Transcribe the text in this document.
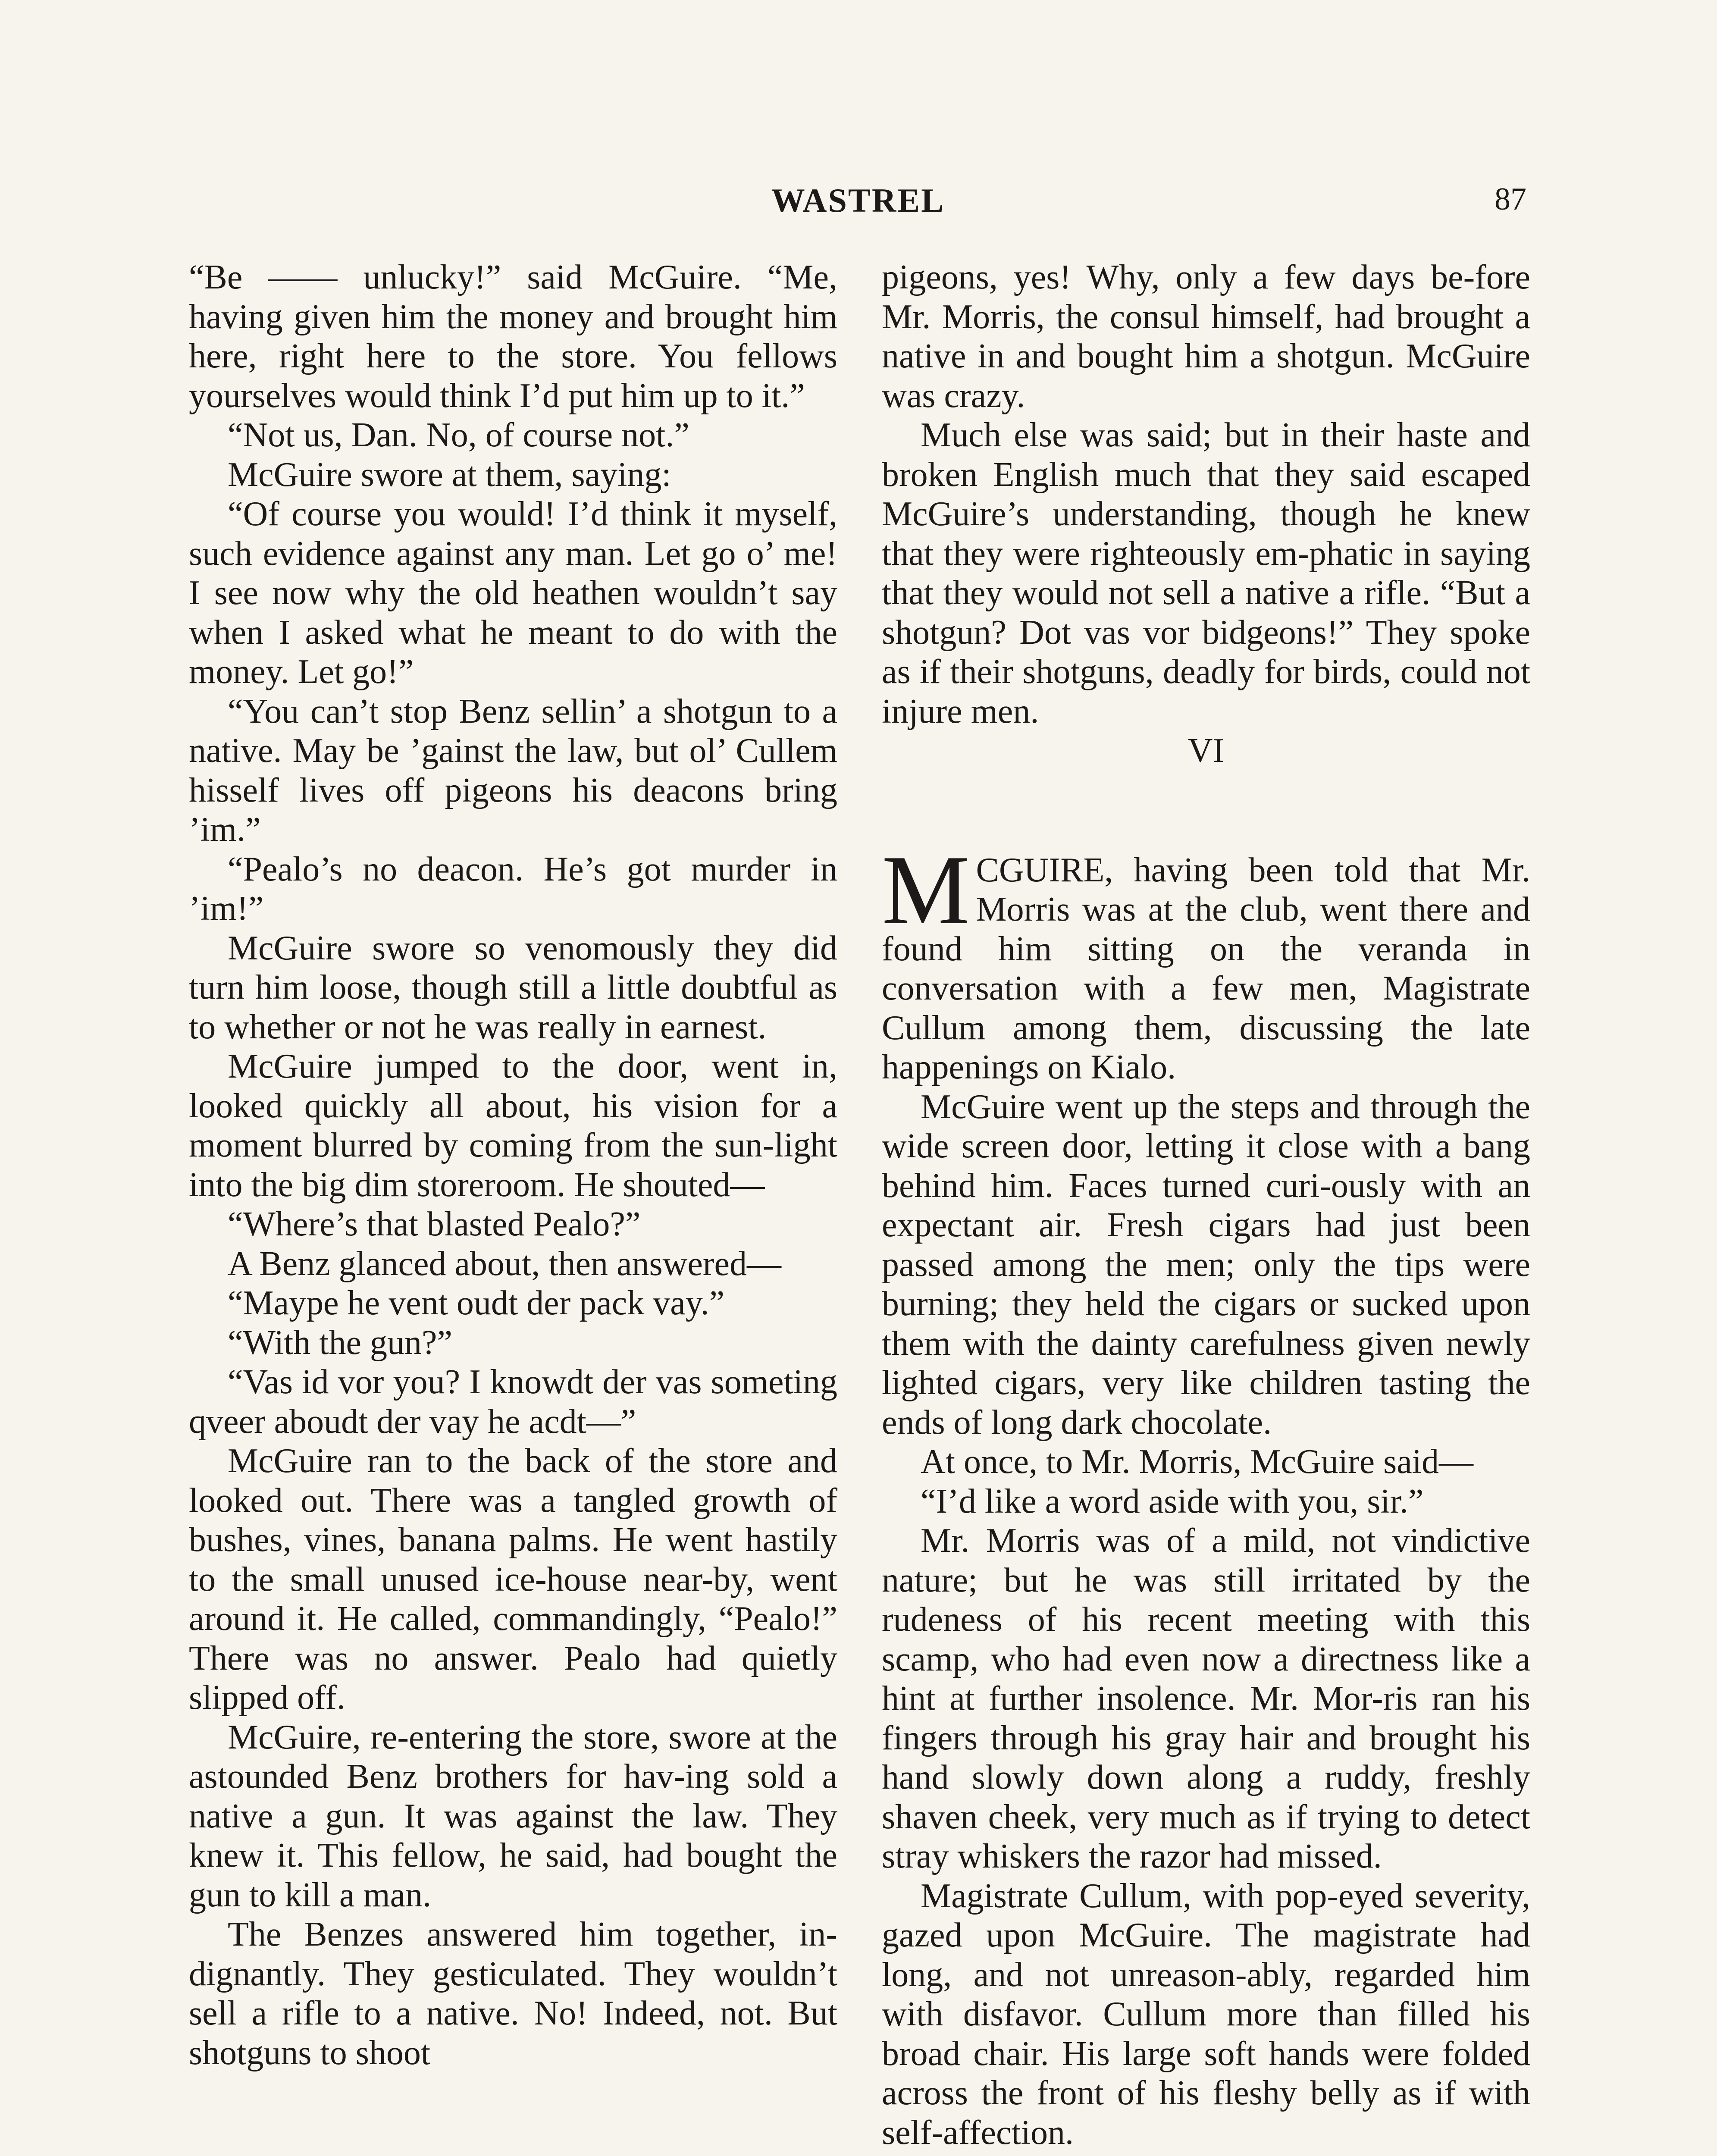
WASTREL	87

“Be —— unlucky!” said McGuire. “Me, having given him the money and brought him here, right here to the store. You fellows yourselves would think I’d put him up to it.”

“Not us, Dan. No, of course not.”

McGuire swore at them, saying:

“Of course you would! I’d think it myself, such evidence against any man. Let go o’ me! I see now why the old heathen wouldn’t say when I asked what he meant to do with the money. Let go!”

“You can’t stop Benz sellin’ a shotgun to a native. May be ’gainst the law, but ol’ Cullem hisself lives off pigeons his deacons bring ’im.”

“Pealo’s no deacon. He’s got murder in ’im!”

McGuire swore so venomously they did turn him loose, though still a little doubtful as to whether or not he was really in earnest.

McGuire jumped to the door, went in, looked quickly all about, his vision for a moment blurred by coming from the sun-light into the big dim storeroom. He shouted—

“Where’s that blasted Pealo?”

A Benz glanced about, then answered—

“Maype he vent oudt der pack vay.”

“With the gun?”

“Vas id vor you? I knowdt der vas someting qveer aboudt der vay he acdt—”

McGuire ran to the back of the store and looked out. There was a tangled growth of bushes, vines, banana palms. He went hastily to the small unused ice-house near-by, went around it. He called, commandingly, “Pealo!” There was no answer. Pealo had quietly slipped off.

McGuire, re-entering the store, swore at the astounded Benz brothers for hav-ing sold a native a gun. It was against the law. They knew it. This fellow, he said, had bought the gun to kill a man.

The Benzes answered him together, in-dignantly. They gesticulated. They wouldn’t sell a rifle to a native. No! Indeed, not. But shotguns to shoot

pigeons, yes! Why, only a few days be-fore Mr. Morris, the consul himself, had brought a native in and bought him a shotgun. McGuire was crazy.

Much else was said; but in their haste and broken English much that they said escaped McGuire’s understanding, though he knew that they were righteously em-phatic in saying that they would not sell a native a rifle. “But a shotgun? Dot vas vor bidgeons!” They spoke as if their shotguns, deadly for birds, could not injure men.

VI

MCGUIRE, having been told that Mr. Morris was at the club, went there and found him sitting on the veranda in conversation with a few men, Magistrate Cullum among them, discussing the late happenings on Kialo.

McGuire went up the steps and through the wide screen door, letting it close with a bang behind him. Faces turned curi-ously with an expectant air. Fresh cigars had just been passed among the men; only the tips were burning; they held the cigars or sucked upon them with the dainty carefulness given newly lighted cigars, very like children tasting the ends of long dark chocolate.

At once, to Mr. Morris, McGuire said—

“I’d like a word aside with you, sir.”

Mr. Morris was of a mild, not vindictive nature; but he was still irritated by the rudeness of his recent meeting with this scamp, who had even now a directness like a hint at further insolence. Mr. Mor-ris ran his fingers through his gray hair and brought his hand slowly down along a ruddy, freshly shaven cheek, very much as if trying to detect stray whiskers the razor had missed.

Magistrate Cullum, with pop-eyed severity, gazed upon McGuire. The magistrate had long, and not unreason-ably, regarded him with disfavor. Cullum more than filled his broad chair. His large soft hands were folded across the front of his fleshy belly as if with self-affection.
